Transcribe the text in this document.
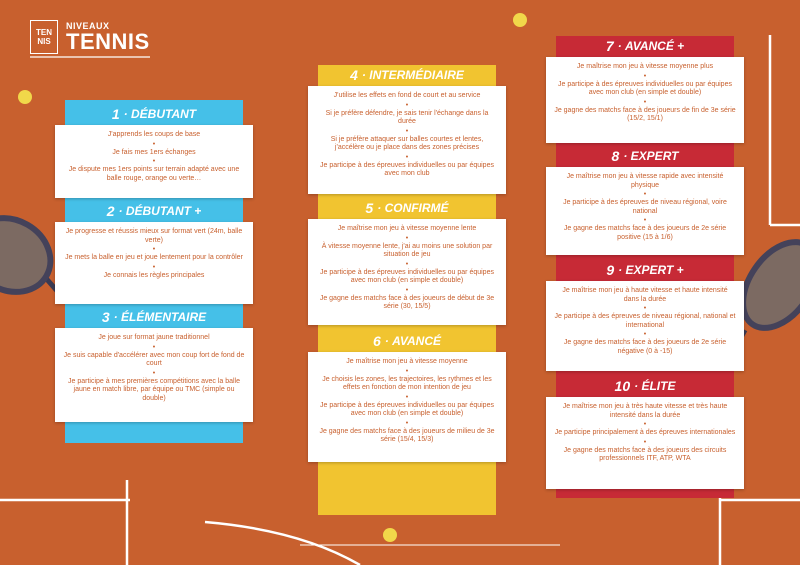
TEN
NIS
NIVEAUX
TENNIS
1 ·
DÉBUTANT
J'apprends les coups de base
•
Je fais mes 1ers échanges
•
Je dispute mes 1ers points sur terrain adapté avec une balle rouge, orange ou verte…
2 ·
DÉBUTANT +
Je progresse et réussis mieux sur format vert (24m, balle verte)
•
Je mets la balle en jeu et joue lentement pour la contrôler
•
Je connais les règles principales
3 ·
ÉLÉMENTAIRE
Je joue sur format jaune traditionnel
•
Je suis capable d'accélérer avec mon coup fort de fond de court
•
Je participe à mes premières compétitions avec la balle jaune en match libre, par équipe ou TMC (simple ou double)
4 ·
INTERMÉDIAIRE
J'utilise les effets en fond de court et au service
•
Si je préfère défendre, je sais tenir l'échange dans la durée
•
Si je préfère attaquer sur balles courtes et lentes, j'accélère ou je place dans des zones précises
•
Je participe à des épreuves individuelles ou par équipes avec mon club
5 ·
CONFIRMÉ
Je maîtrise mon jeu à vitesse moyenne lente
•
À vitesse moyenne lente, j'ai au moins une solution par situation de jeu
•
Je participe à des épreuves individuelles ou par équipes avec mon club (en simple et double)
•
Je gagne des matchs face à des joueurs de début de 3e série (30, 15/5)
6 ·
AVANCÉ
Je maîtrise mon jeu à vitesse moyenne
•
Je choisis les zones, les trajectoires, les rythmes et les effets en fonction de mon intention de jeu
•
Je participe à des épreuves individuelles ou par équipes avec mon club (en simple et double)
•
Je gagne des matchs face à des joueurs de milieu de 3e série (15/4, 15/3)
7 ·
AVANCÉ +
Je maîtrise mon jeu à vitesse moyenne plus
•
Je participe à des épreuves individuelles ou par équipes avec mon club (en simple et double)
•
Je gagne des matchs face à des joueurs de fin de 3e série (15/2, 15/1)
8 ·
EXPERT
Je maîtrise mon jeu à vitesse rapide avec intensité physique
•
Je participe à des épreuves de niveau régional, voire national
•
Je gagne des matchs face à des joueurs de 2e série positive (15 à 1/6)
9 ·
EXPERT +
Je maîtrise mon jeu à haute vitesse et haute intensité dans la durée
•
Je participe à des épreuves de niveau régional, national et international
•
Je gagne des matchs face à des joueurs de 2e série négative (0 à -15)
10 ·
ÉLITE
Je maîtrise mon jeu à très haute vitesse et très haute intensité dans la durée
•
Je participe principalement à des épreuves internationales
•
Je gagne des matchs face à des joueurs des circuits professionnels ITF, ATP, WTA
